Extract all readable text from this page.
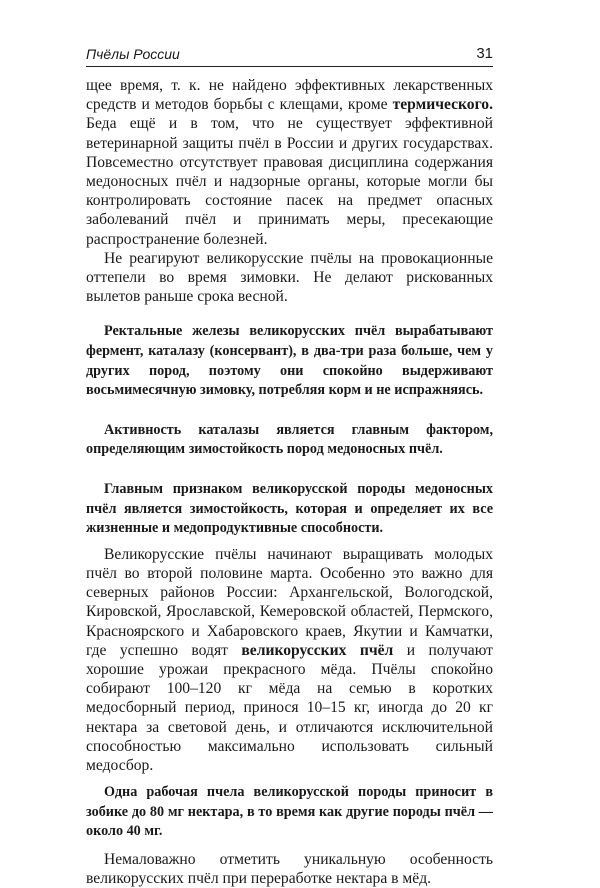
Пчёлы России	31

щее время, т. к. не найдено эффективных лекарственных средств и методов борьбы с клещами, кроме термического. Беда ещё и в том, что не существует эффективной ветеринарной защиты пчёл в России и других государствах. Повсеместно отсутствует правовая дисциплина содержания медоносных пчёл и надзорные органы, которые могли бы контролировать состояние пасек на предмет опасных заболеваний пчёл и принимать меры, пресекающие распространение болезней.

Не реагируют великорусские пчёлы на провокационные оттепели во время зимовки. Не делают рискованных вылетов раньше срока весной.

Ректальные железы великорусских пчёл вырабатывают фермент, каталазу (консервант), в два-три раза больше, чем у других пород, поэтому они спокойно выдерживают восьмимесячную зимовку, потребляя корм и не испражняясь.

Активность каталазы является главным фактором, определяющим зимостойкость пород медоносных пчёл.

Главным признаком великорусской породы медоносных пчёл является зимостойкость, которая и определяет их все жизненные и медопродуктивные способности.

Великорусские пчёлы начинают выращивать молодых пчёл во второй половине марта. Особенно это важно для северных районов России: Архангельской, Вологодской, Кировской, Ярославской, Кемеровской областей, Пермского, Красноярского и Хабаровского краев, Якутии и Камчатки, где успешно водят великорусских пчёл и получают хорошие урожаи прекрасного мёда. Пчёлы спокойно собирают 100–120 кг мёда на семью в коротких медосборный период, принося 10–15 кг, иногда до 20 кг нектара за световой день, и отличаются исключительной способностью максимально использовать сильный медосбор.

Одна рабочая пчела великорусской породы приносит в зобике до 80 мг нектара, в то время как другие породы пчёл — около 40 мг.

Немаловажно отметить уникальную особенность великорусских пчёл при переработке нектара в мёд.
